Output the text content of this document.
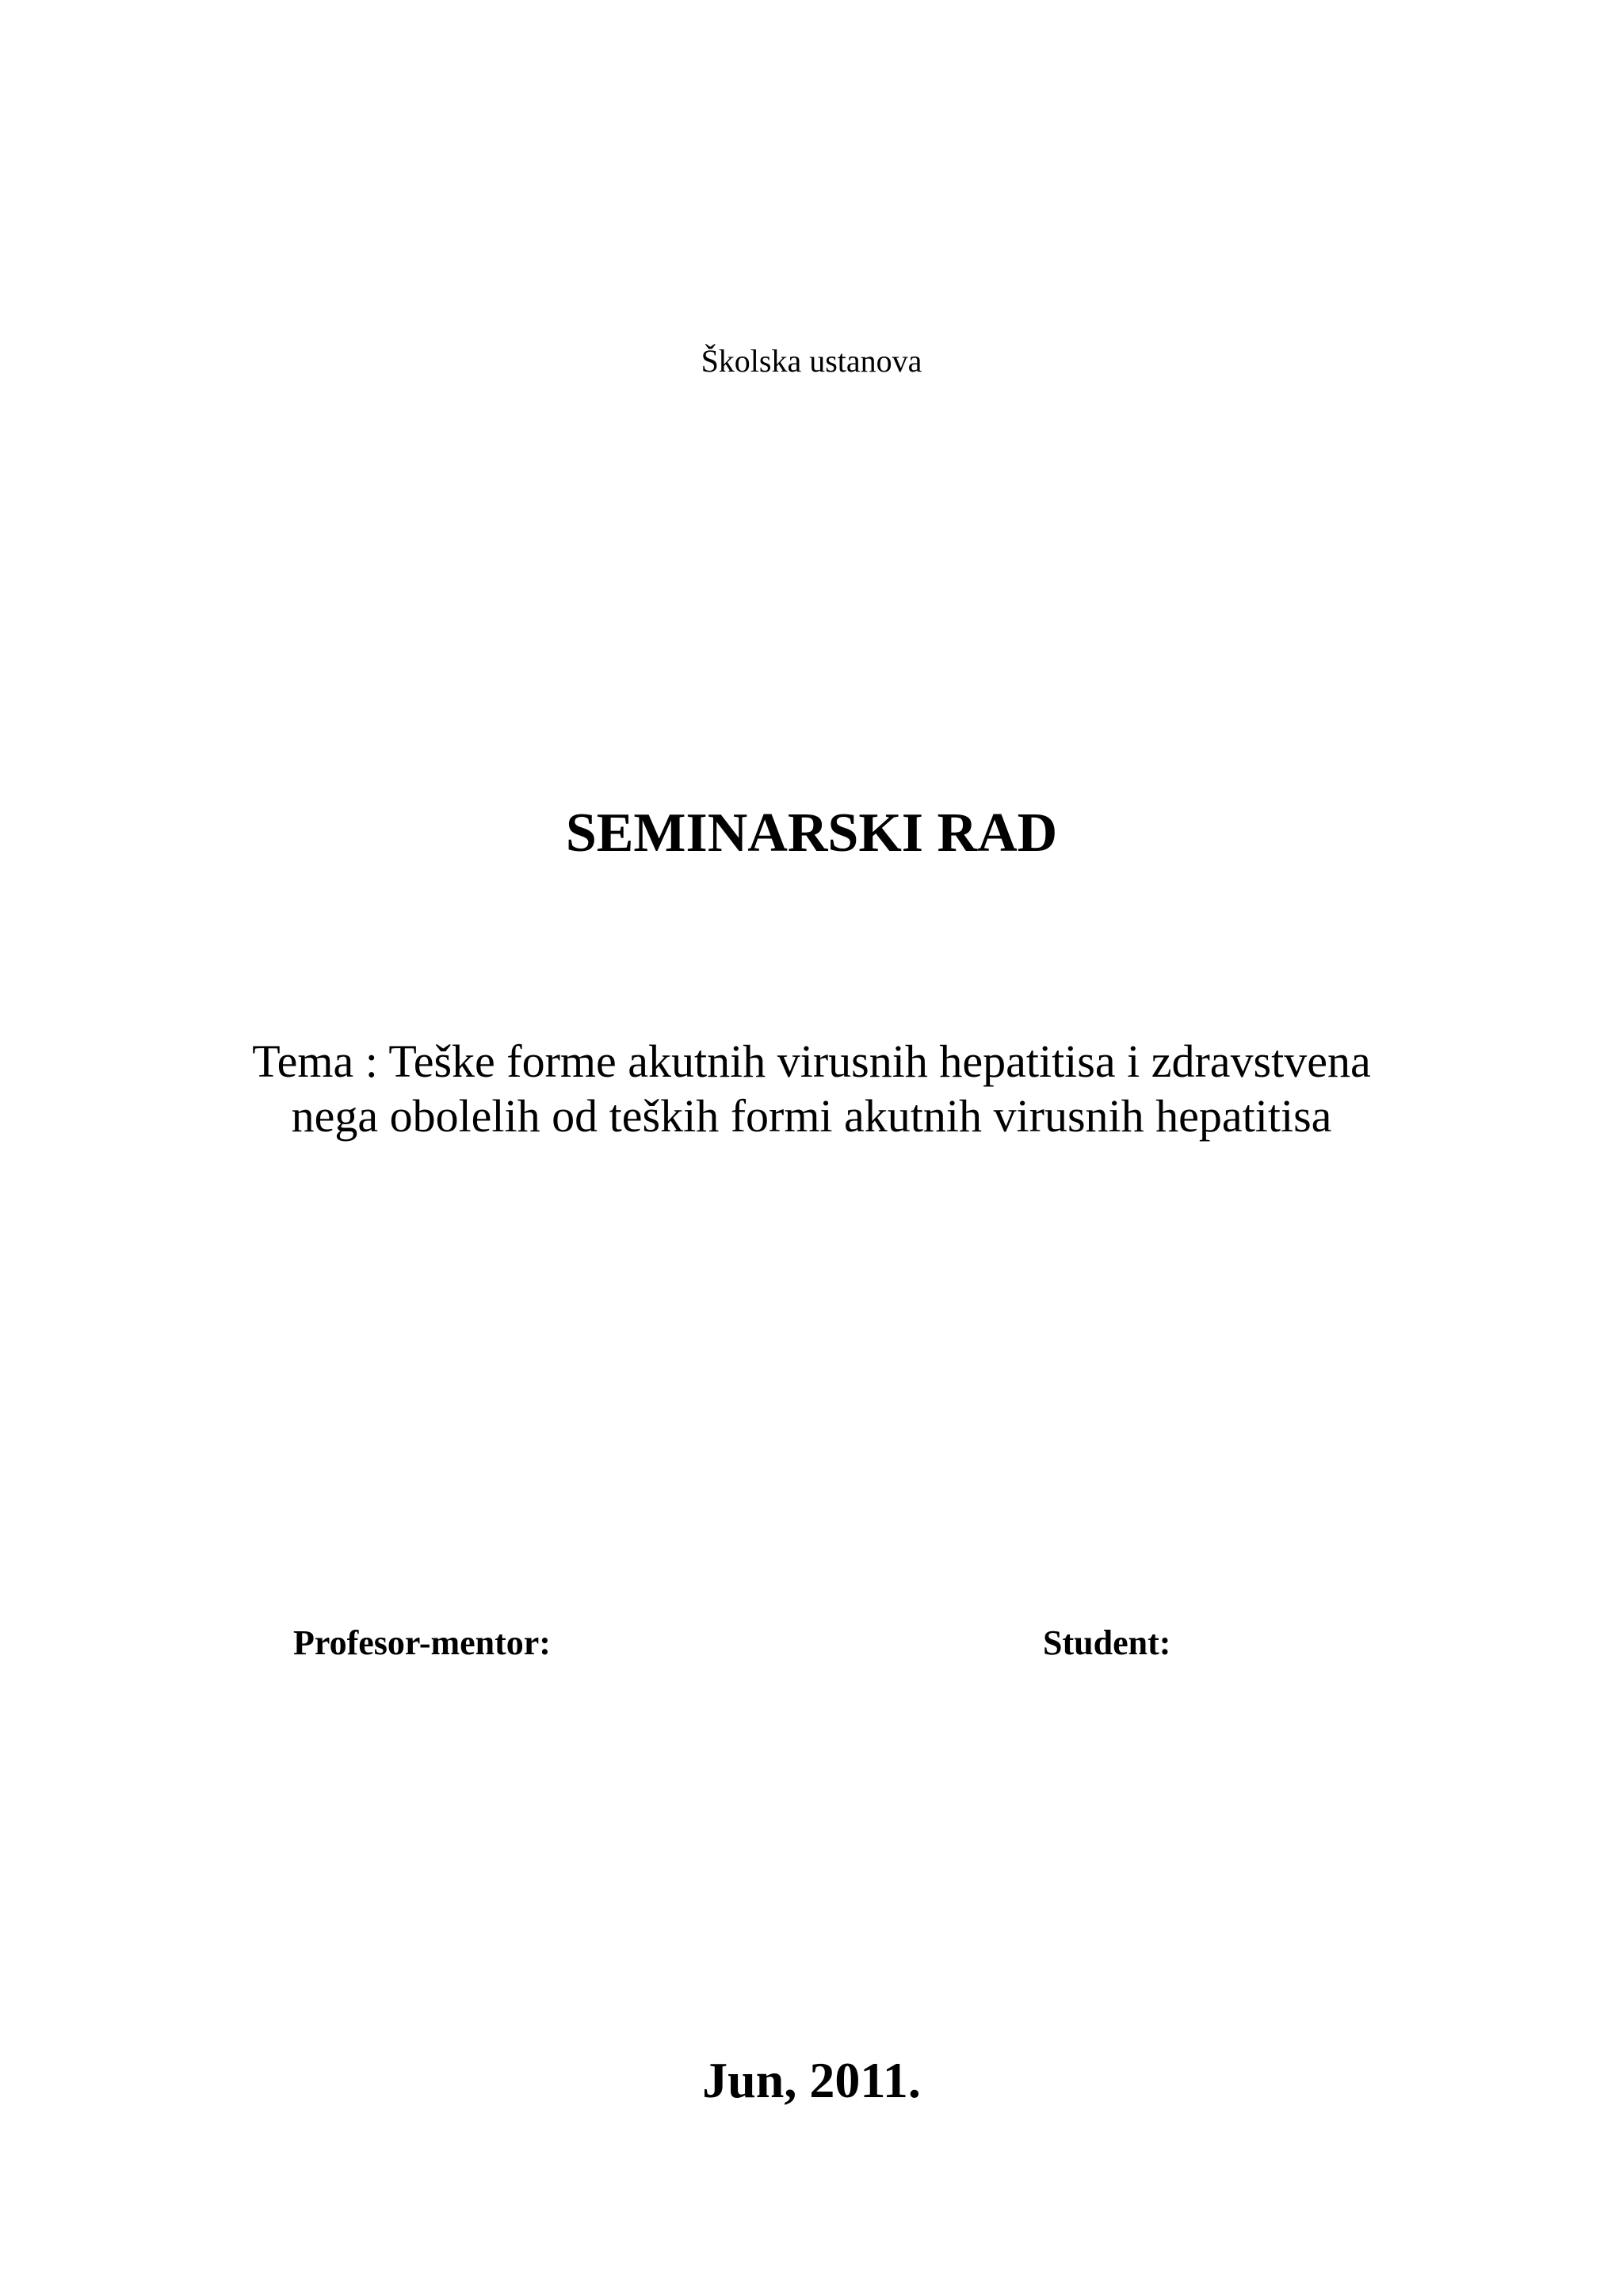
Školska ustanova
SEMINARSKI RAD
Tema : Teške forme akutnih virusnih hepatitisa i zdravstvena
nega obolelih od teških formi akutnih virusnih hepatitisa
Profesor-mentor:	Student:
Jun, 2011.
